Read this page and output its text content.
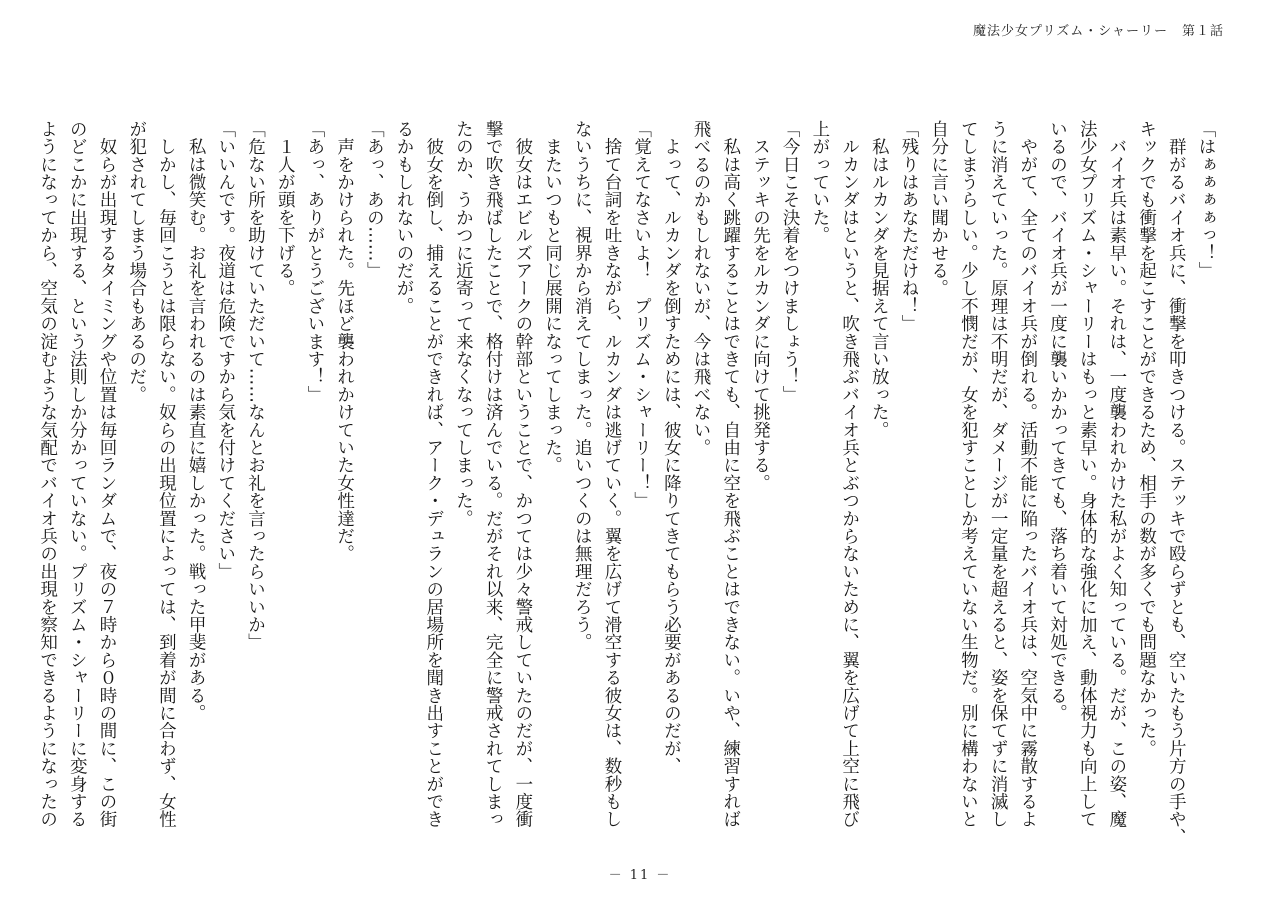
魔法少女プリズム・シャーリー　第１話

「はぁぁぁぁっ！」

　群がるバイオ兵に、衝撃を叩きつける。ステッキで殴らずとも、空いたもう片方の手や、

キックでも衝撃を起こすことができるため、相手の数が多くでも問題なかった。

　バイオ兵は素早い。それは、一度襲われかけた私がよく知っている。だが、この姿、魔

法少女プリズム・シャーリーはもっと素早い。身体的な強化に加え、動体視力も向上して

いるので、バイオ兵が一度に襲いかかってきても、落ち着いて対処できる。

　やがて、全てのバイオ兵が倒れる。活動不能に陥ったバイオ兵は、空気中に霧散するよ

うに消えていった。原理は不明だが、ダメージが一定量を超えると、姿を保てずに消滅し

てしまうらしい。少し不憫だが、女を犯すことしか考えていない生物だ。別に構わないと

自分に言い聞かせる。

「残りはあなただけね！」

　私はルカンダを見据えて言い放った。

　ルカンダはというと、吹き飛ぶバイオ兵とぶつからないために、翼を広げて上空に飛び

上がっていた。

「今日こそ決着をつけましょう！」

　ステッキの先をルカンダに向けて挑発する。

　私は高く跳躍することはできても、自由に空を飛ぶことはできない。いや、練習すれば

飛べるのかもしれないが、今は飛べない。

　よって、ルカンダを倒すためには、彼女に降りてきてもらう必要があるのだが、

「覚えてなさいよ！　プリズム・シャーリー！」

　捨て台詞を吐きながら、ルカンダは逃げていく。翼を広げて滑空する彼女は、数秒もし

ないうちに、視界から消えてしまった。追いつくのは無理だろう。

　またいつもと同じ展開になってしまった。

　彼女はエビルズアークの幹部ということで、かつては少々警戒していたのだが、一度衝

撃で吹き飛ばしたことで、格付けは済んでいる。だがそれ以来、完全に警戒されてしまっ

たのか、うかつに近寄って来なくなってしまった。

　彼女を倒し、捕えることができれば、アーク・デュランの居場所を聞き出すことができ

るかもしれないのだが。

「あっ、あの……」

　声をかけられた。先ほど襲われかけていた女性達だ。

「あっ、ありがとうございます！」

　１人が頭を下げる。

「危ない所を助けていただいて……なんとお礼を言ったらいいか」

「いいんです。夜道は危険ですから気を付けてください」

　私は微笑む。お礼を言われるのは素直に嬉しかった。戦った甲斐がある。

　しかし、毎回こうとは限らない。奴らの出現位置によっては、到着が間に合わず、女性

が犯されてしまう場合もあるのだ。

　奴らが出現するタイミングや位置は毎回ランダムで、夜の７時から０時の間に、この街

のどこかに出現する、という法則しか分かっていない。プリズム・シャーリーに変身する

ようになってから、空気の淀むような気配でバイオ兵の出現を察知できるようになったの

－ 11 －
